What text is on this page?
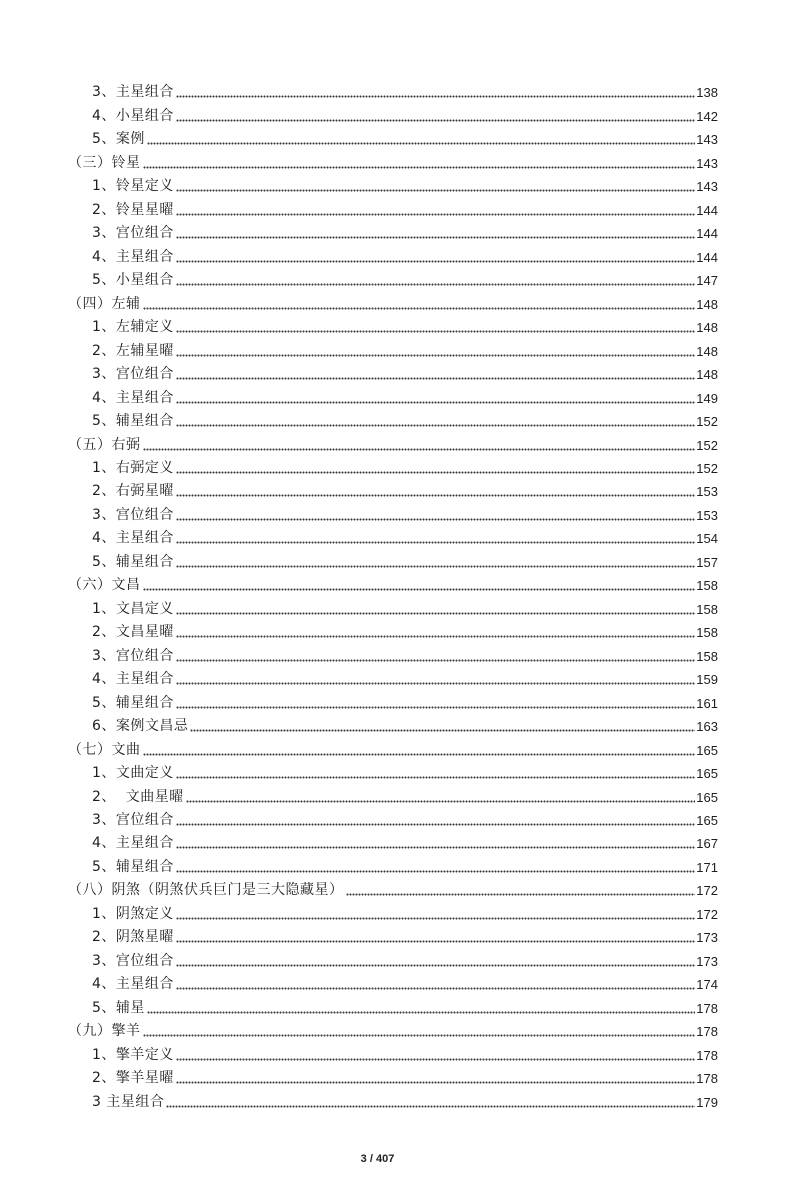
3、主星组合	138
4、小星组合	142
5、案例	143
（三）铃星	143
1、铃星定义	143
2、铃星星曜	144
3、宫位组合	144
4、主星组合	144
5、小星组合	147
（四）左辅	148
1、左辅定义	148
2、左辅星曜	148
3、宫位组合	148
4、主星组合	149
5、辅星组合	152
（五）右弼	152
1、右弼定义	152
2、右弼星曜	153
3、宫位组合	153
4、主星组合	154
5、辅星组合	157
（六）文昌	158
1、文昌定义	158
2、文昌星曜	158
3、宫位组合	158
4、主星组合	159
5、辅星组合	161
6、案例文昌忌	163
（七）文曲	165
1、文曲定义	165
2、  文曲星曜	165
3、宫位组合	165
4、主星组合	167
5、辅星组合	171
（八）阴煞（阴煞伏兵巨门是三大隐藏星）	172
1、阴煞定义	172
2、阴煞星曜	173
3、宫位组合	173
4、主星组合	174
5、辅星	178
（九）擎羊	178
1、擎羊定义	178
2、擎羊星曜	178
3 主星组合	179
3 / 407
